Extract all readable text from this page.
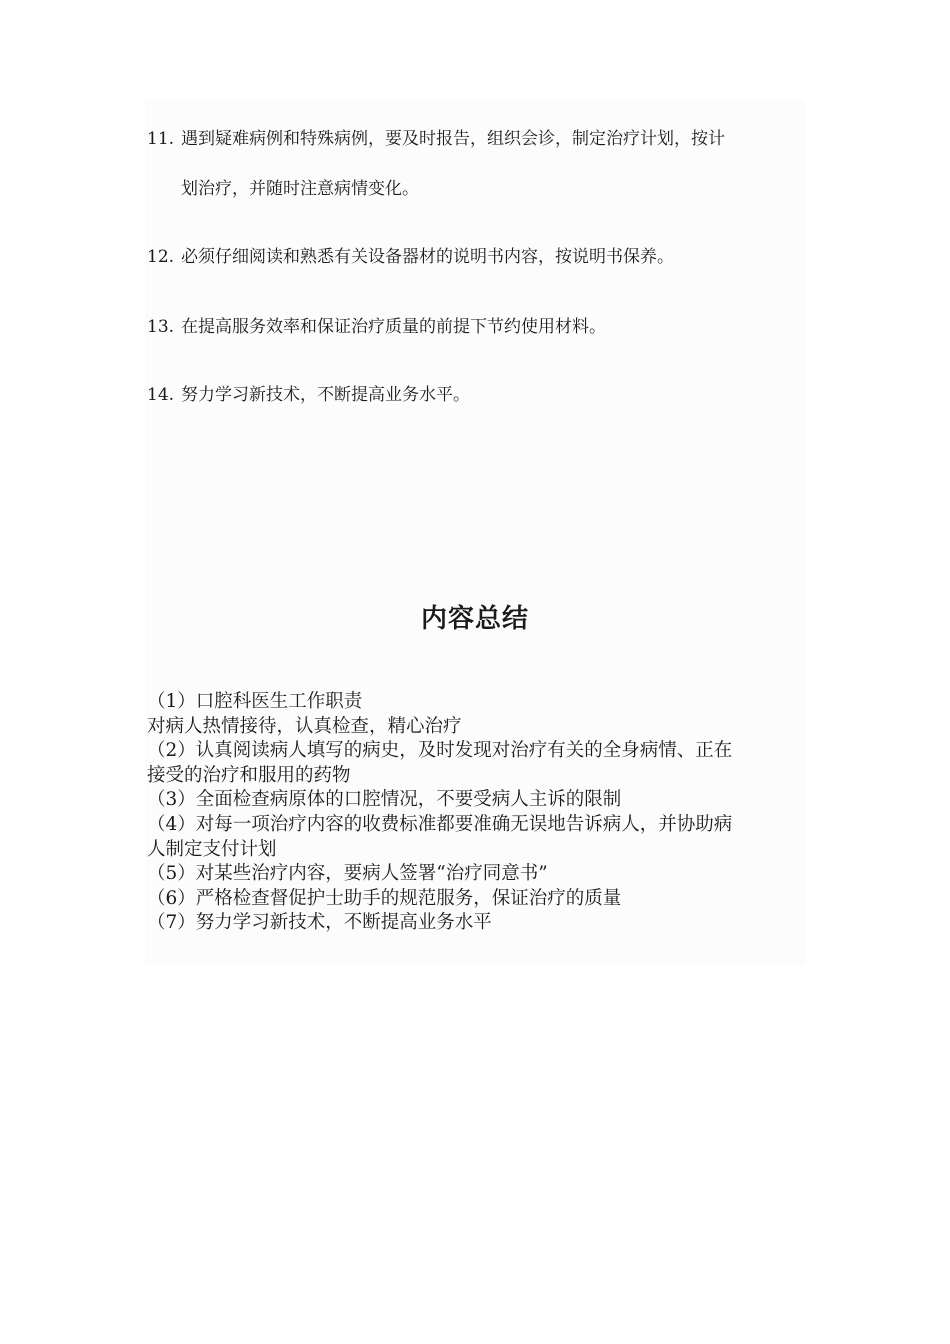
11. 遇到疑难病例和特殊病例，要及时报告，组织会诊，制定治疗计划，按计
划治疗，并随时注意病情变化。
12. 必须仔细阅读和熟悉有关设备器材的说明书内容，按说明书保养。
13. 在提高服务效率和保证治疗质量的前提下节约使用材料。
14. 努力学习新技术，不断提高业务水平。
内容总结
（1）口腔科医生工作职责
对病人热情接待，认真检查，精心治疗
（2）认真阅读病人填写的病史，及时发现对治疗有关的全身病情、正在
接受的治疗和服用的药物
（3）全面检查病原体的口腔情况，不要受病人主诉的限制
（4）对每一项治疗内容的收费标准都要准确无误地告诉病人，并协助病
人制定支付计划
（5）对某些治疗内容，要病人签署“治疗同意书”
（6）严格检查督促护士助手的规范服务，保证治疗的质量
（7）努力学习新技术，不断提高业务水平
